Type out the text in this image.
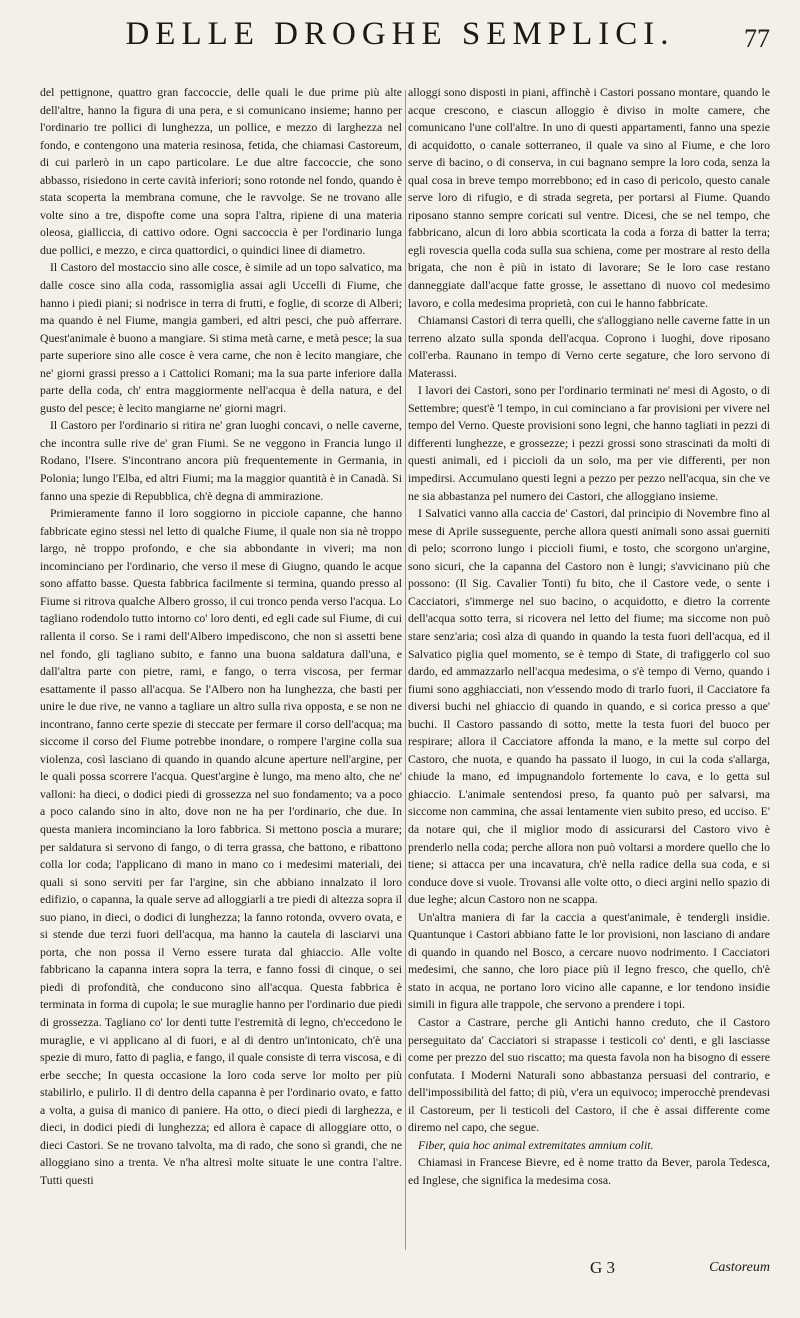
DELLE DROGHE SEMPLICI.	77

del pettignone, quattro gran faccoccie, delle quali le due prime più alte dell'altre, hanno la figura di una pera, e si comunicano insieme; hanno per l'ordinario tre pollici di lunghezza, un pollice, e mezzo di larghezza nel fondo, e contengono una materia resinosa, fetida, che chiamasi Castoreum, di cui parlerò in un capo particolare. Le due altre faccoccie, che sono abbasso, risiedono in certe cavità inferiori; sono rotonde nel fondo, quando è stata scoperta la membrana comune, che le ravvolge. Se ne trovano alle volte sino a tre, dispofte come una sopra l'altra, ripiene di una materia oleosa, gialliccia, di cattivo odore. Ogni saccoccia è per l'ordinario lunga due pollici, e mezzo, e circa quattordici, o quindici linee di diametro.

Il Castoro del mostaccio sino alle cosce, è simile ad un topo salvatico, ma dalle cosce sino alla coda, rassomiglia assai agli Uccelli di Fiume, che hanno i piedi piani; si nodrisce in terra di frutti, e foglie, di scorze di Alberi; ma quando è nel Fiume, mangia gamberi, ed altri pesci, che può afferrare. Quest'animale è buono a mangiare. Si stima metà carne, e metà pesce; la sua parte superiore sino alle cosce è vera carne, che non è lecito mangiare, che ne' giorni grassi presso a i Cattolici Romani; ma la sua parte inferiore dalla parte della coda, ch' entra maggiormente nell'acqua è della natura, e del gusto del pesce; è lecito mangiarne ne' giorni magri.

Il Castoro per l'ordinario si ritira ne' gran luoghi concavi, o nelle caverne, che incontra sulle rive de' gran Fiumi. Se ne veggono in Francia lungo il Rodano, l'Isere. S'incontrano ancora più frequentemente in Germania, in Polonia; lungo l'Elba, ed altri Fiumi; ma la maggior quantità è in Canadà. Si fanno una spezie di Repubblica, ch'è degna di ammirazione.

Primieramente fanno il loro soggiorno in picciole capanne, che hanno fabbricate egino stessi nel letto di qualche Fiume, il quale non sia nè troppo largo, nè troppo profondo, e che sia abbondante in viveri; ma non incominciano per l'ordinario, che verso il mese di Giugno, quando le acque sono affatto basse. Questa fabbrica facilmente si termina, quando presso al Fiume si ritrova qualche Albero grosso, il cui tronco penda verso l'acqua. Lo tagliano rodendolo tutto intorno co' loro denti, ed egli cade sul Fiume, di cui rallenta il corso. Se i rami dell'Albero impediscono, che non si assetti bene nel fondo, gli tagliano subito, e fanno una buona saldatura dall'una, e dall'altra parte con pietre, rami, e fango, o terra viscosa, per fermar esattamente il passo all'acqua. Se l'Albero non ha lunghezza, che basti per unire le due rive, ne vanno a tagliare un altro sulla riva opposta, e se non ne incontrano, fanno certe spezie di steccate per fermare il corso dell'acqua; ma siccome il corso del Fiume potrebbe inondare, o rompere l'argine colla sua violenza, così lasciano di quando in quando alcune aperture nell'argine, per le quali possa scorrere l'acqua. Quest'argine è lungo, ma meno alto, che ne' valloni: ha dieci, o dodici piedi di grossezza nel suo fondamento; va a poco a poco calando sino in alto, dove non ne ha per l'ordinario, che due. In questa maniera incominciano la loro fabbrica. Si mettono poscia a murare; per saldatura si servono di fango, o di terra grassa, che battono, e ribattono colla lor coda; l'applicano di mano in mano co i medesimi materiali, dei quali si sono serviti per far l'argine, sin che abbiano innalzato il loro edifizio, o capanna, la quale serve ad alloggiarli a tre piedi di altezza sopra il suo piano, in dieci, o dodici di lunghezza; la fanno rotonda, ovvero ovata, e si stende due terzi fuori dell'acqua, ma hanno la cautela di lasciarvi una porta, che non possa il Verno essere turata dal ghiaccio. Alle volte fabbricano la capanna intera sopra la terra, e fanno fossi di cinque, o sei piedi di profondità, che conducono sino all'acqua. Questa fabbrica è terminata in forma di cupola; le sue muraglie hanno per l'ordinario due piedi di grossezza. Tagliano co' lor denti tutte l'estremità di legno, ch'eccedono le muraglie, e vi applicano al di fuori, e al di dentro un'intonicato, ch'è una spezie di muro, fatto di paglia, e fango, il quale consiste di terra viscosa, e di erbe secche; In questa occasione la loro coda serve lor molto per più stabilirlo, e pulirlo. Il di dentro della capanna è per l'ordinario ovato, e fatto a volta, a guisa di manico di paniere. Ha otto, o dieci piedi di larghezza, e dieci, in dodici piedi di lunghezza; ed allora è capace di alloggiare otto, o dieci Castori. Se ne trovano talvolta, ma di rado, che sono sì grandi, che ne alloggiano sino a trenta. Ve n'ha altresì molte situate le une contra l'altre. Tutti questi

alloggi sono disposti in piani, affinchè i Castori possano montare, quando le acque crescono, e ciascun alloggio è diviso in molte camere, che comunicano l'une coll'altre. In uno di questi appartamenti, fanno una spezie di acquidotto, o canale sotterraneo, il quale va sino al Fiume, e che loro serve di bacino, o di conserva, in cui bagnano sempre la loro coda, senza la qual cosa in breve tempo morrebbono; ed in caso di pericolo, questo canale serve loro di rifugio, e di strada segreta, per portarsi al Fiume. Quando riposano stanno sempre coricati sul ventre. Dicesi, che se nel tempo, che fabbricano, alcun di loro abbia scorticata la coda a forza di batter la terra; egli rovescia quella coda sulla sua schiena, come per mostrare al resto della brigata, che non è più in istato di lavorare; Se le loro case restano danneggiate dall'acque fatte grosse, le assettano di nuovo col medesimo lavoro, e colla medesima proprietà, con cui le hanno fabbricate.

Chiamansi Castori di terra quelli, che s'alloggiano nelle caverne fatte in un terreno alzato sulla sponda dell'acqua. Coprono i luoghi, dove riposano coll'erba. Raunano in tempo di Verno certe segature, che loro servono di Materassi.

I lavori dei Castori, sono per l'ordinario terminati ne' mesi di Agosto, o di Settembre; quest'è 'l tempo, in cui cominciano a far provisioni per vivere nel tempo del Verno. Queste provisioni sono legni, che hanno tagliati in pezzi di differenti lunghezze, e grossezze; i pezzi grossi sono strascinati da molti di questi animali, ed i piccioli da un solo, ma per vie differenti, per non impedirsi. Accumulano questi legni a pezzo per pezzo nell'acqua, sin che ve ne sia abbastanza pel numero dei Castori, che alloggiano insieme.

I Salvatici vanno alla caccia de' Castori, dal principio di Novembre fino al mese di Aprile susseguente, perche allora questi animali sono assai guerniti di pelo; scorrono lungo i piccioli fiumi, e tosto, che scorgono un'argine, sono sicuri, che la capanna del Castoro non è lungi; s'avvicinano più che possono: (Il Sig. Cavalier Tonti) fu bito, che il Castore vede, o sente i Cacciatori, s'immerge nel suo bacino, o acquidotto, e dietro la corrente dell'acqua sotto terra, si ricovera nel letto del fiume; ma siccome non può stare senz'aria; così alza di quando in quando la testa fuori dell'acqua, ed il Salvatico piglia quel momento, se è tempo di State, di trafiggerlo col suo dardo, ed ammazzarlo nell'acqua medesima, o s'è tempo di Verno, quando i fiumi sono agghiacciati, non v'essendo modo di trarlo fuori, il Cacciatore fa diversi buchi nel ghiaccio di quando in quando, e si corica presso a que' buchi. Il Castoro passando di sotto, mette la testa fuori del buoco per respirare; allora il Cacciatore affonda la mano, e la mette sul corpo del Castoro, che nuota, e quando ha passato il luogo, in cui la coda s'allarga, chiude la mano, ed impugnandolo fortemente lo cava, e lo getta sul ghiaccio. L'animale sentendosi preso, fa quanto può per salvarsi, ma siccome non cammina, che assai lentamente vien subito preso, ed ucciso. E' da notare qui, che il miglior modo di assicurarsi del Castoro vivo è prenderlo nella coda; perche allora non può voltarsi a mordere quello che lo tiene; si attacca per una incavatura, ch'è nella radice della sua coda, e si conduce dove si vuole. Trovansi alle volte otto, o dieci argini nello spazio di due leghe; alcun Castoro non ne scappa.

Un'altra maniera di far la caccia a quest'animale, è tendergli insidie. Quantunque i Castori abbiano fatte le lor provisioni, non lasciano di andare di quando in quando nel Bosco, a cercare nuovo nodrimento. I Cacciatori medesimi, che sanno, che loro piace più il legno fresco, che quello, ch'è stato in acqua, ne portano loro vicino alle capanne, e lor tendono insidie simili in figura alle trappole, che servono a prendere i topi.

Castor a Castrare, perche gli Antichi hanno creduto, che il Castoro perseguitato da' Cacciatori si strapasse i testicoli co' denti, e gli lasciasse come per prezzo del suo riscatto; ma questa favola non ha bisogno di essere confutata. I Moderni Naturali sono abbastanza persuasi del contrario, e dell'impossibilità del fatto; di più, v'era un equivoco; imperocchè prendevasi il Castoreum, per li testicoli del Castoro, il che è assai differente come diremo nel capo, che segue.

Fiber, quia hoc animal extremitates amnium colit.

Chiamasi in Francese Bievre, ed è nome tratto da Bever, parola Tedesca, ed Inglese, che significa la medesima cosa.

G 3	Castoreum
